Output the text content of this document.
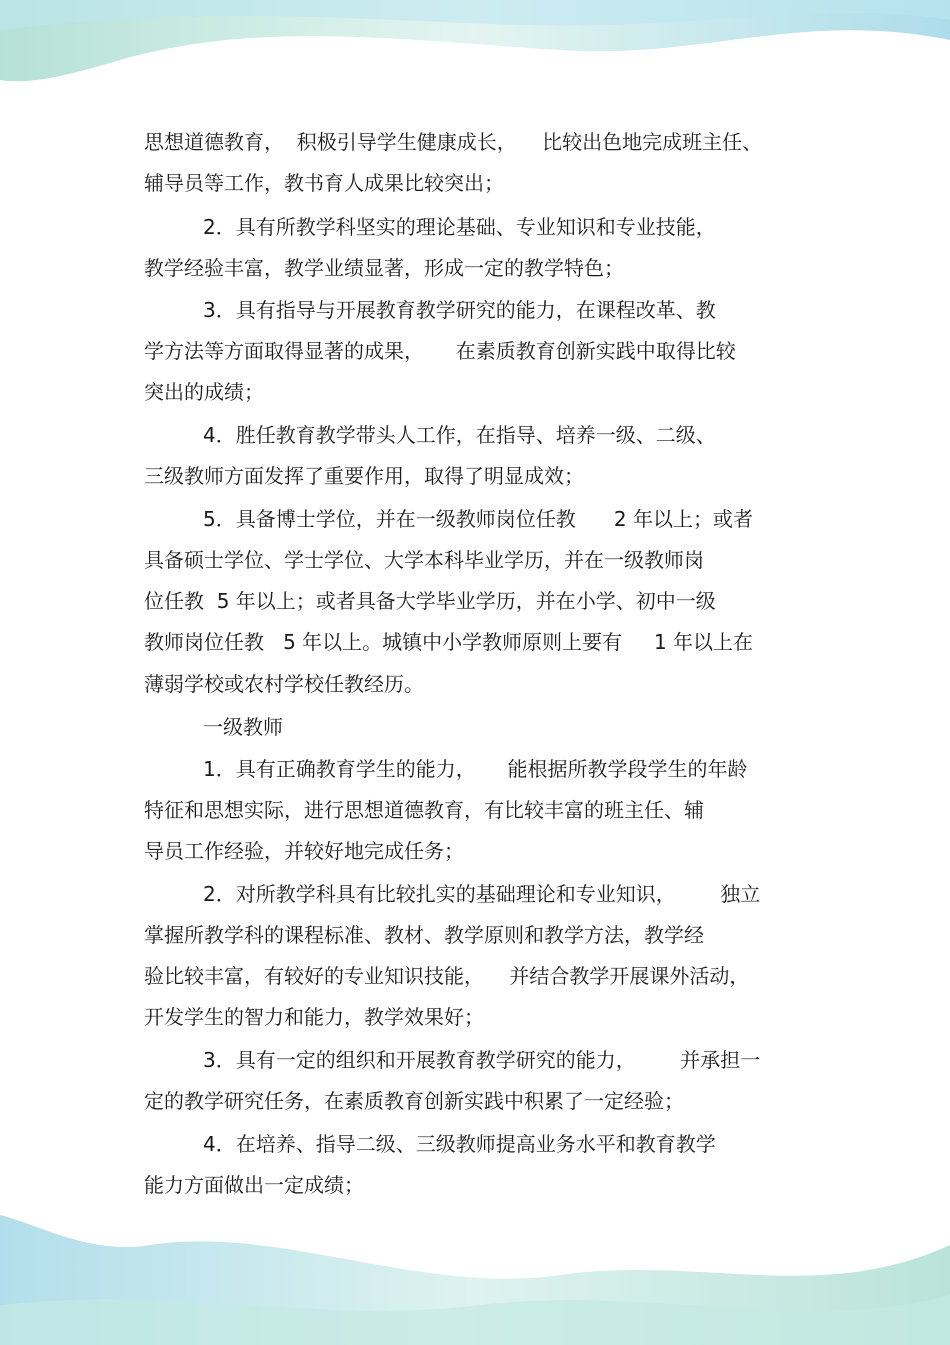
思想道德教育，  积极引导学生健康成长，    比较出色地完成班主任、
辅导员等工作，教书育人成果比较突出；
2．具有所教学科坚实的理论基础、专业知识和专业技能，
教学经验丰富，教学业绩显著，形成一定的教学特色；
3．具有指导与开展教育教学研究的能力，在课程改革、教
学方法等方面取得显著的成果，     在素质教育创新实践中取得比较
突出的成绩；
4．胜任教育教学带头人工作，在指导、培养一级、二级、
三级教师方面发挥了重要作用，取得了明显成效；
5．具备博士学位，并在一级教师岗位任教      2 年以上；或者
具备硕士学位、学士学位、大学本科毕业学历，并在一级教师岗
位任教  5 年以上；或者具备大学毕业学历，并在小学、初中一级
教师岗位任教   5 年以上。城镇中小学教师原则上要有     1 年以上在
薄弱学校或农村学校任教经历。
一级教师
1．具有正确教育学生的能力，     能根据所教学段学生的年龄
特征和思想实际，进行思想道德教育，有比较丰富的班主任、辅
导员工作经验，并较好地完成任务；
2．对所教学科具有比较扎实的基础理论和专业知识，       独立
掌握所教学科的课程标准、教材、教学原则和教学方法，教学经
验比较丰富，有较好的专业知识技能，    并结合教学开展课外活动，
开发学生的智力和能力，教学效果好；
3．具有一定的组织和开展教育教学研究的能力，       并承担一
定的教学研究任务，在素质教育创新实践中积累了一定经验；
4．在培养、指导二级、三级教师提高业务水平和教育教学
能力方面做出一定成绩；
